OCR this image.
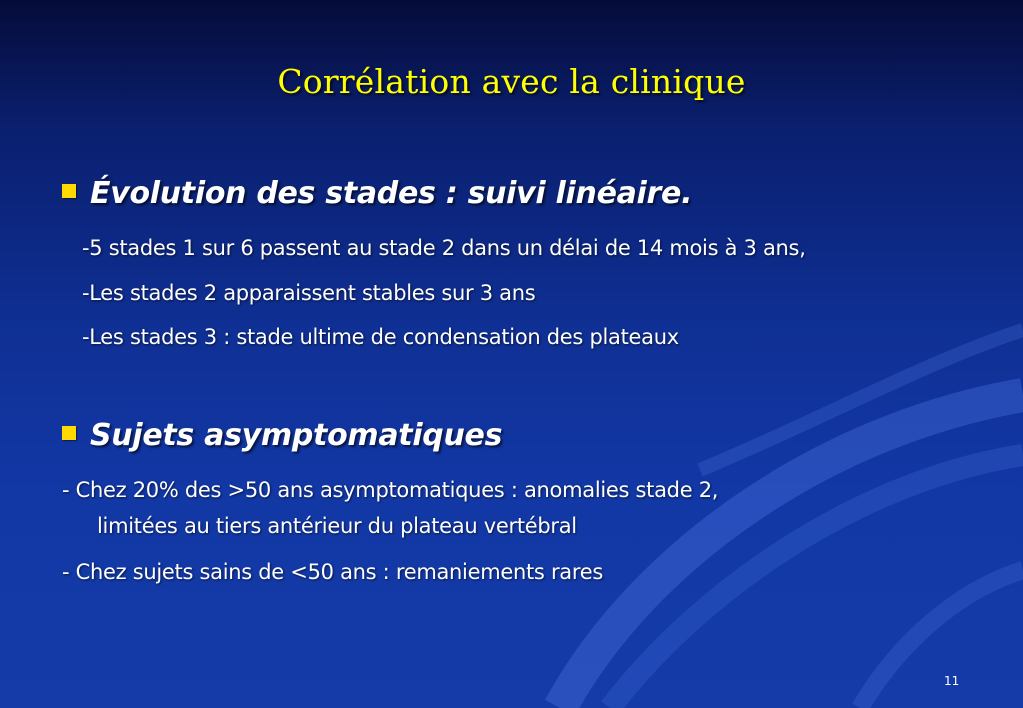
Corrélation avec la clinique
Évolution des stades : suivi linéaire.
-5 stades 1 sur 6 passent au stade 2 dans un délai de 14 mois à 3 ans,
-Les stades 2 apparaissent stables sur 3 ans
-Les stades 3 : stade ultime de condensation des plateaux
Sujets asymptomatiques
- Chez 20% des >50 ans asymptomatiques : anomalies stade 2,
limitées au tiers antérieur du plateau vertébral
- Chez sujets sains de <50 ans : remaniements rares
11
